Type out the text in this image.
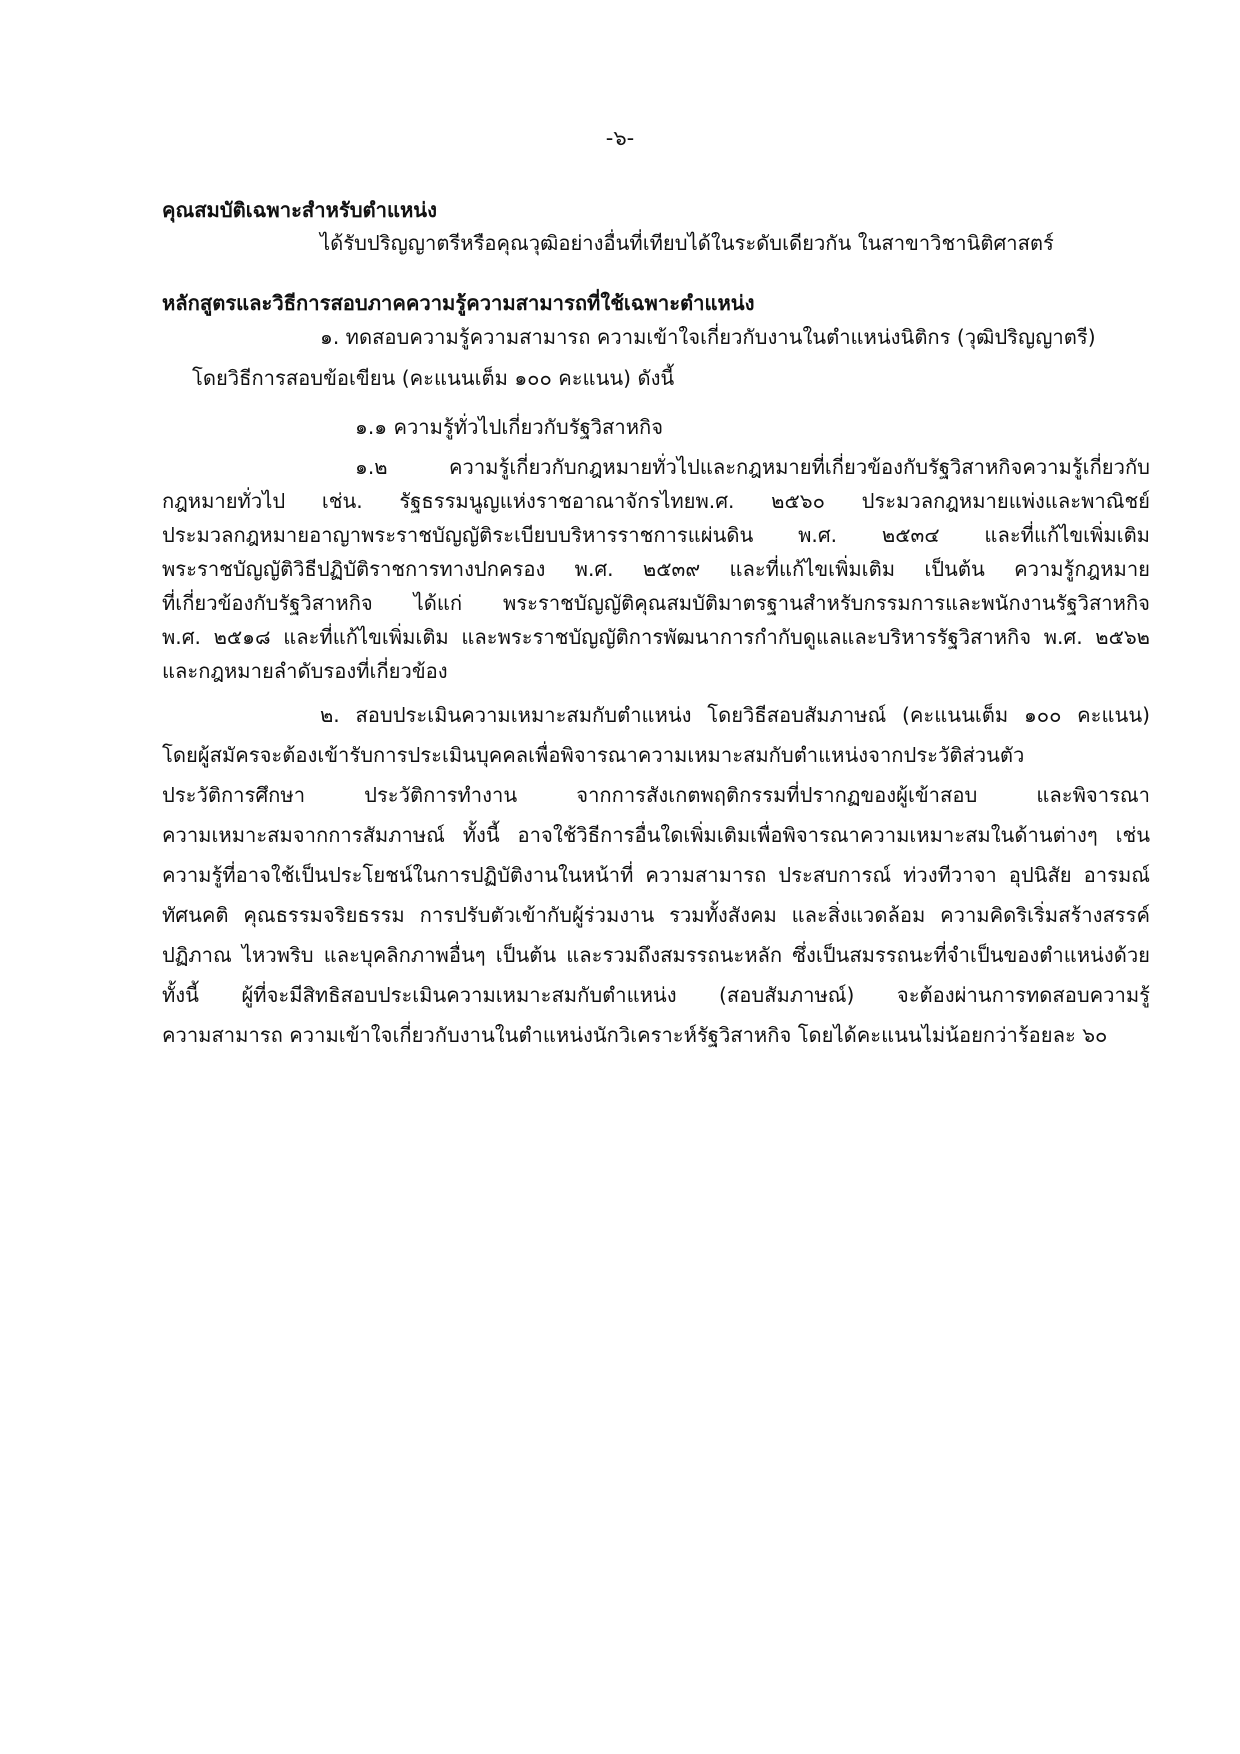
-๖-
คุณสมบัติเฉพาะสำหรับตำแหน่ง
ได้รับปริญญาตรีหรือคุณวุฒิอย่างอื่นที่เทียบได้ในระดับเดียวกัน ในสาขาวิชานิติศาสตร์
หลักสูตรและวิธีการสอบภาคความรู้ความสามารถที่ใช้เฉพาะตำแหน่ง
๑. ทดสอบความรู้ความสามารถ ความเข้าใจเกี่ยวกับงานในตำแหน่งนิติกร (วุฒิปริญญาตรี)
โดยวิธีการสอบข้อเขียน (คะแนนเต็ม ๑๐๐ คะแนน) ดังนี้
๑.๑ ความรู้ทั่วไปเกี่ยวกับรัฐวิสาหกิจ
๑.๒ ความรู้เกี่ยวกับกฎหมายทั่วไปและกฎหมายที่เกี่ยวข้องกับรัฐวิสาหกิจความรู้เกี่ยวกับ
กฎหมายทั่วไป เช่น. รัฐธรรมนูญแห่งราชอาณาจักรไทยพ.ศ. ๒๕๖๐ ประมวลกฎหมายแพ่งและพาณิชย์
ประมวลกฎหมายอาญาพระราชบัญญัติระเบียบบริหารราชการแผ่นดิน พ.ศ. ๒๕๓๔ และที่แก้ไขเพิ่มเติม
พระราชบัญญัติวิธีปฏิบัติราชการทางปกครอง พ.ศ. ๒๕๓๙ และที่แก้ไขเพิ่มเติม เป็นต้น ความรู้กฎหมาย
ที่เกี่ยวข้องกับรัฐวิสาหกิจ ได้แก่ พระราชบัญญัติคุณสมบัติมาตรฐานสำหรับกรรมการและพนักงานรัฐวิสาหกิจ
พ.ศ. ๒๕๑๘ และที่แก้ไขเพิ่มเติม และพระราชบัญญัติการพัฒนาการกำกับดูแลและบริหารรัฐวิสาหกิจ พ.ศ. ๒๕๖๒
และกฎหมายลำดับรองที่เกี่ยวข้อง
๒. สอบประเมินความเหมาะสมกับตำแหน่ง โดยวิธีสอบสัมภาษณ์ (คะแนนเต็ม ๑๐๐ คะแนน)
โดยผู้สมัครจะต้องเข้ารับการประเมินบุคคลเพื่อพิจารณาความเหมาะสมกับตำแหน่งจากประวัติส่วนตัว
ประวัติการศึกษา ประวัติการทำงาน จากการสังเกตพฤติกรรมที่ปรากฏของผู้เข้าสอบ และพิจารณา
ความเหมาะสมจากการสัมภาษณ์ ทั้งนี้ อาจใช้วิธีการอื่นใดเพิ่มเติมเพื่อพิจารณาความเหมาะสมในด้านต่างๆ เช่น
ความรู้ที่อาจใช้เป็นประโยชน์ในการปฏิบัติงานในหน้าที่ ความสามารถ ประสบการณ์ ท่วงทีวาจา อุปนิสัย อารมณ์
ทัศนคติ คุณธรรมจริยธรรม การปรับตัวเข้ากับผู้ร่วมงาน รวมทั้งสังคม และสิ่งแวดล้อม ความคิดริเริ่มสร้างสรรค์
ปฏิภาณ ไหวพริบ และบุคลิกภาพอื่นๆ เป็นต้น และรวมถึงสมรรถนะหลัก ซึ่งเป็นสมรรถนะที่จำเป็นของตำแหน่งด้วย
ทั้งนี้ ผู้ที่จะมีสิทธิสอบประเมินความเหมาะสมกับตำแหน่ง (สอบสัมภาษณ์) จะต้องผ่านการทดสอบความรู้
ความสามารถ ความเข้าใจเกี่ยวกับงานในตำแหน่งนักวิเคราะห์รัฐวิสาหกิจ โดยได้คะแนนไม่น้อยกว่าร้อยละ ๖๐
